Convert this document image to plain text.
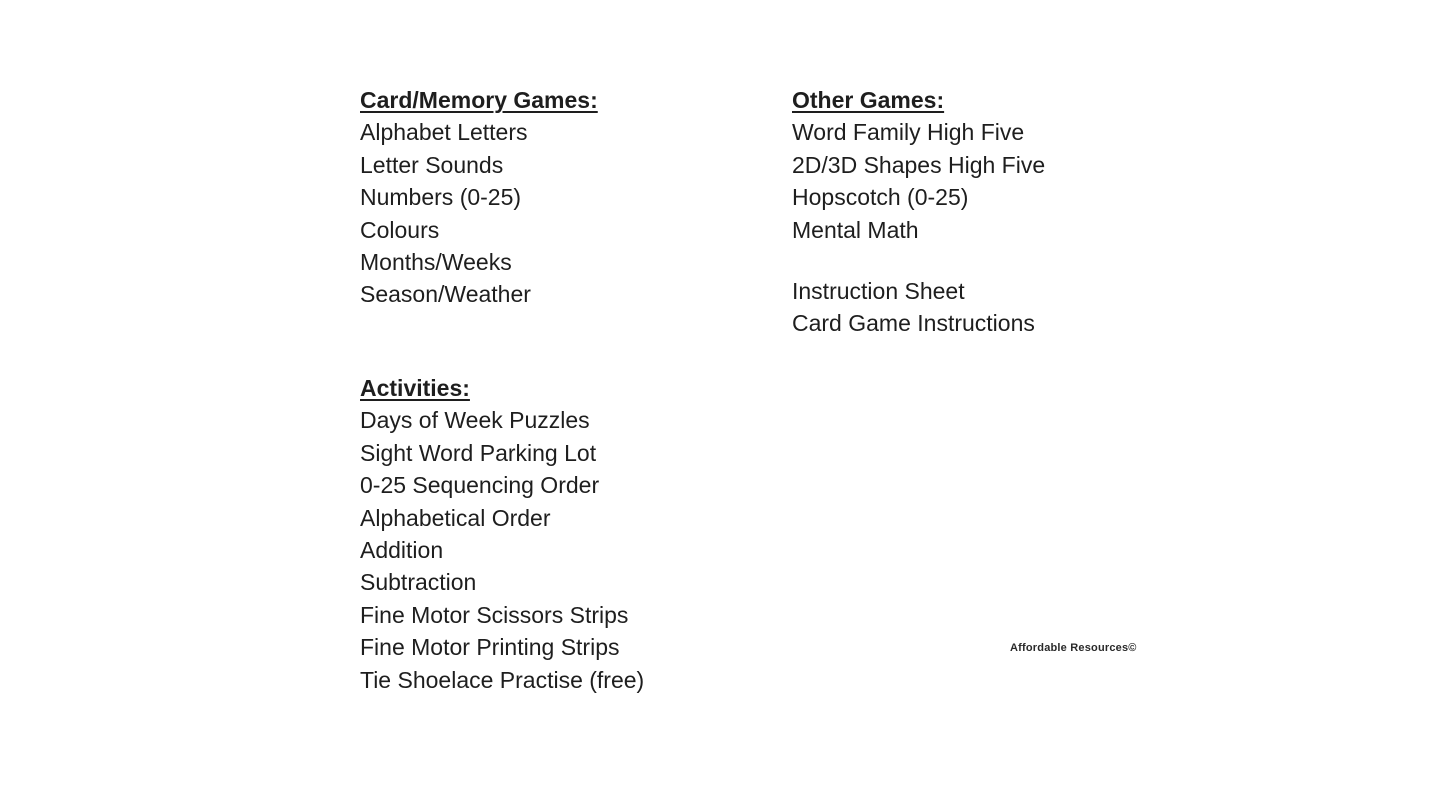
Card/Memory Games:
Alphabet Letters
Letter Sounds
Numbers (0-25)
Colours
Months/Weeks
Season/Weather
Activities:
Days of Week Puzzles
Sight Word Parking Lot
0-25 Sequencing Order
Alphabetical Order
Addition
Subtraction
Fine Motor Scissors Strips
Fine Motor Printing Strips
Tie Shoelace Practise (free)
Other Games:
Word Family High Five
2D/3D Shapes High Five
Hopscotch (0-25)
Mental Math
Instruction Sheet
Card Game Instructions
Affordable Resources©
